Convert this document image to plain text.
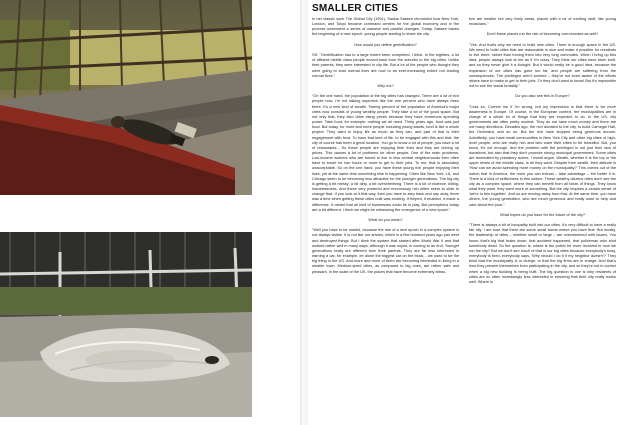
SMALLER CITIES

In her classic work The Global City (1991), Saskia Sassen chronicled how New York, London, and Tokyo became command centers for the global economy and in the process underwent a series of massive and parallel changes. Today, Sassen traces the beginning of a new epoch: young people starting to leave the city.

How would you define gentrification?

SS: "Gentrification has to a large extent been completed, I think. In the eighties, a lot of affluent middle class people moved back from the suburbs to the big cities. Unlike their parents, they were interested in city life. But a lot of the people who thought they were going to lead normal lives are now to an ever-increasing extent not leading normal lives."

Why not?

"On the one hand, the population of the big cities has changed. There are a lot of rich people now. I'm not talking superrich like the one percent who have always been there. It's a new kind of wealth. Twenty percent of the population of America's major cities now consists of young wealthy people. They take a lot of the good space. But not only that, they also drive rising prices because they have enormous spending power. Take food, for example: nothing we all need. Thirty years ago, food was just food. But today, for more and more people including young adults, food is like a whole project. They want to enjoy life as much as they can, and part of that is their engagement with food. To have that kind of life, to be engaged with this and that, the city of course has been a great location. You go to know a lot of people, you have a lot of restaurants... So these people are enjoying their lives and they are driving up prices. This causes a lot of problems for other people. One of the main problems: Low-income workers who are forced to live in less central neighborhoods then often have to travel for two hours or more to get to their jobs. To me, that is absolutely unacceptable. So on the one hand, you have these young rich people enjoying their lives, yet at the same time something else is happening. Cities like New York, LA, and Chicago seem to be becoming less attractive for the younger generations. The big city is getting a bit messy: a bit dirty, a bit overwhelming. There is a lot of violence, killing, homelessness. And these very powerful and enormously rich elites seem to slide to change that. If you look at it that way, then you have to step back and say okay, there was a time when getting these cities built was exciting. It helped, it enabled, it made a difference. It meant that all kind of businesses could be in play. But perceptions today are a bit different. I think we might be witnessing the emergence of a new epoch."

What do you mean?

"Well you have to be careful, because the rise of a new epoch in a complex system is not always visible. It is not like our armies, which in a few hundred years ago just went and destroyed things. But I think the system that started after World War II and that worked rather well in many ways, although it was unjust, is coming to an end. Younger generations really are different from their parents. They are far less interested in earning a car, for example, let alone the biggest car on the block... we used to be the big thing in the US. And more and more of them are becoming interested in living in a smaller town. Medium-sized cities, as compared to big ones, are rather safe and pleasant. In the scale of the US, the places that have become extremely attrac-

tive are smaller but very lively areas, places with a lot of exciting stuff, like young musicians."

Don't these places run the risk of becoming overcrowded as well?

"Yes. And that's why we need to build new cities. There is enough space in the US. We need to build cities that are reasonable in size and make it possible for residents to live there, rather than forcing them into very long commutes. When I bring up this idea, people always look at me as if I'm crazy. They think our cities have been built, and so they never give it a thought. But it would really be a good idea, because the expansion of our cities has gone too far, and people are suffering from the consequences. The privileged aren't worried – they're not even aware of the efforts others have to make to get to their jobs. Or they don't want to know! But it's impossible not to see the visual brutality."

Do you also see this in Europe?

"Less so. Correct me if I'm wrong, but my impression is that there is far more awareness in Europe. Of course, in the European context, the municipalities are in charge of a whole lot of things that they are expected to do. In the US, city governments are often pretty modest. They do not have much money and there are not many directions. Decades ago, the rich donated to the city, to build Carnegie Hall, the Orchestra, and so on. But the rich have stopped being generous donors. Admittedly, you have small communities in New York City and other big cities of high-level people, who are really rich and who want their cities to be beautiful. But, you know, it's not enough. And the problem with the privileged is not just their lack of donations, but also that they don't promote strong municipal government. Some cities are dominated by predatory actors, I would argue. Wealth, whether it is the top or the upper levels of the middle class, is all they want. Despite their wealth, their attitude is 'How can we avoid spending more money on the municipality?' This comes out of the notion that in America, the more you can extract – take advantage – the better it is. There is a kind of selfishness in this culture. These wealthy citizens often don't see the city as a complex space, where they can benefit from all kinds of things. They know what they want, they want more of something. But the city requires a certain sense of 'we're in this together'. And so are moving away from that. At the same time, you have others, the young generation, who are much generous and really want to help and care about the poor."

What hopes do you have for the future of the city?

"There is always a bit of inequality built into our cities. It's very difficult to have a really fair city. I am sure that there are some small towns where you have that. But mostly, the leadership of cities – whether small or large – are overwhelmed with issues. You know, that's big that brake down, that accident happened, that policeman who shot somebody dead. So the question is, where is the public be more involved in how we run the city? But we don't see much of that in our big cities because everybody's busy, everybody is tired, everybody says, 'Why should I do it if my neighbor doesn't?' They think that the municipality is in charge, or that the big firms are in charge. And that's how they present themselves from participating in the city, and so they're not in control when a big new building is being built. The big question is one is why residents of cities are so often increasingly less interested in ensuring that their city really works well. Where is
